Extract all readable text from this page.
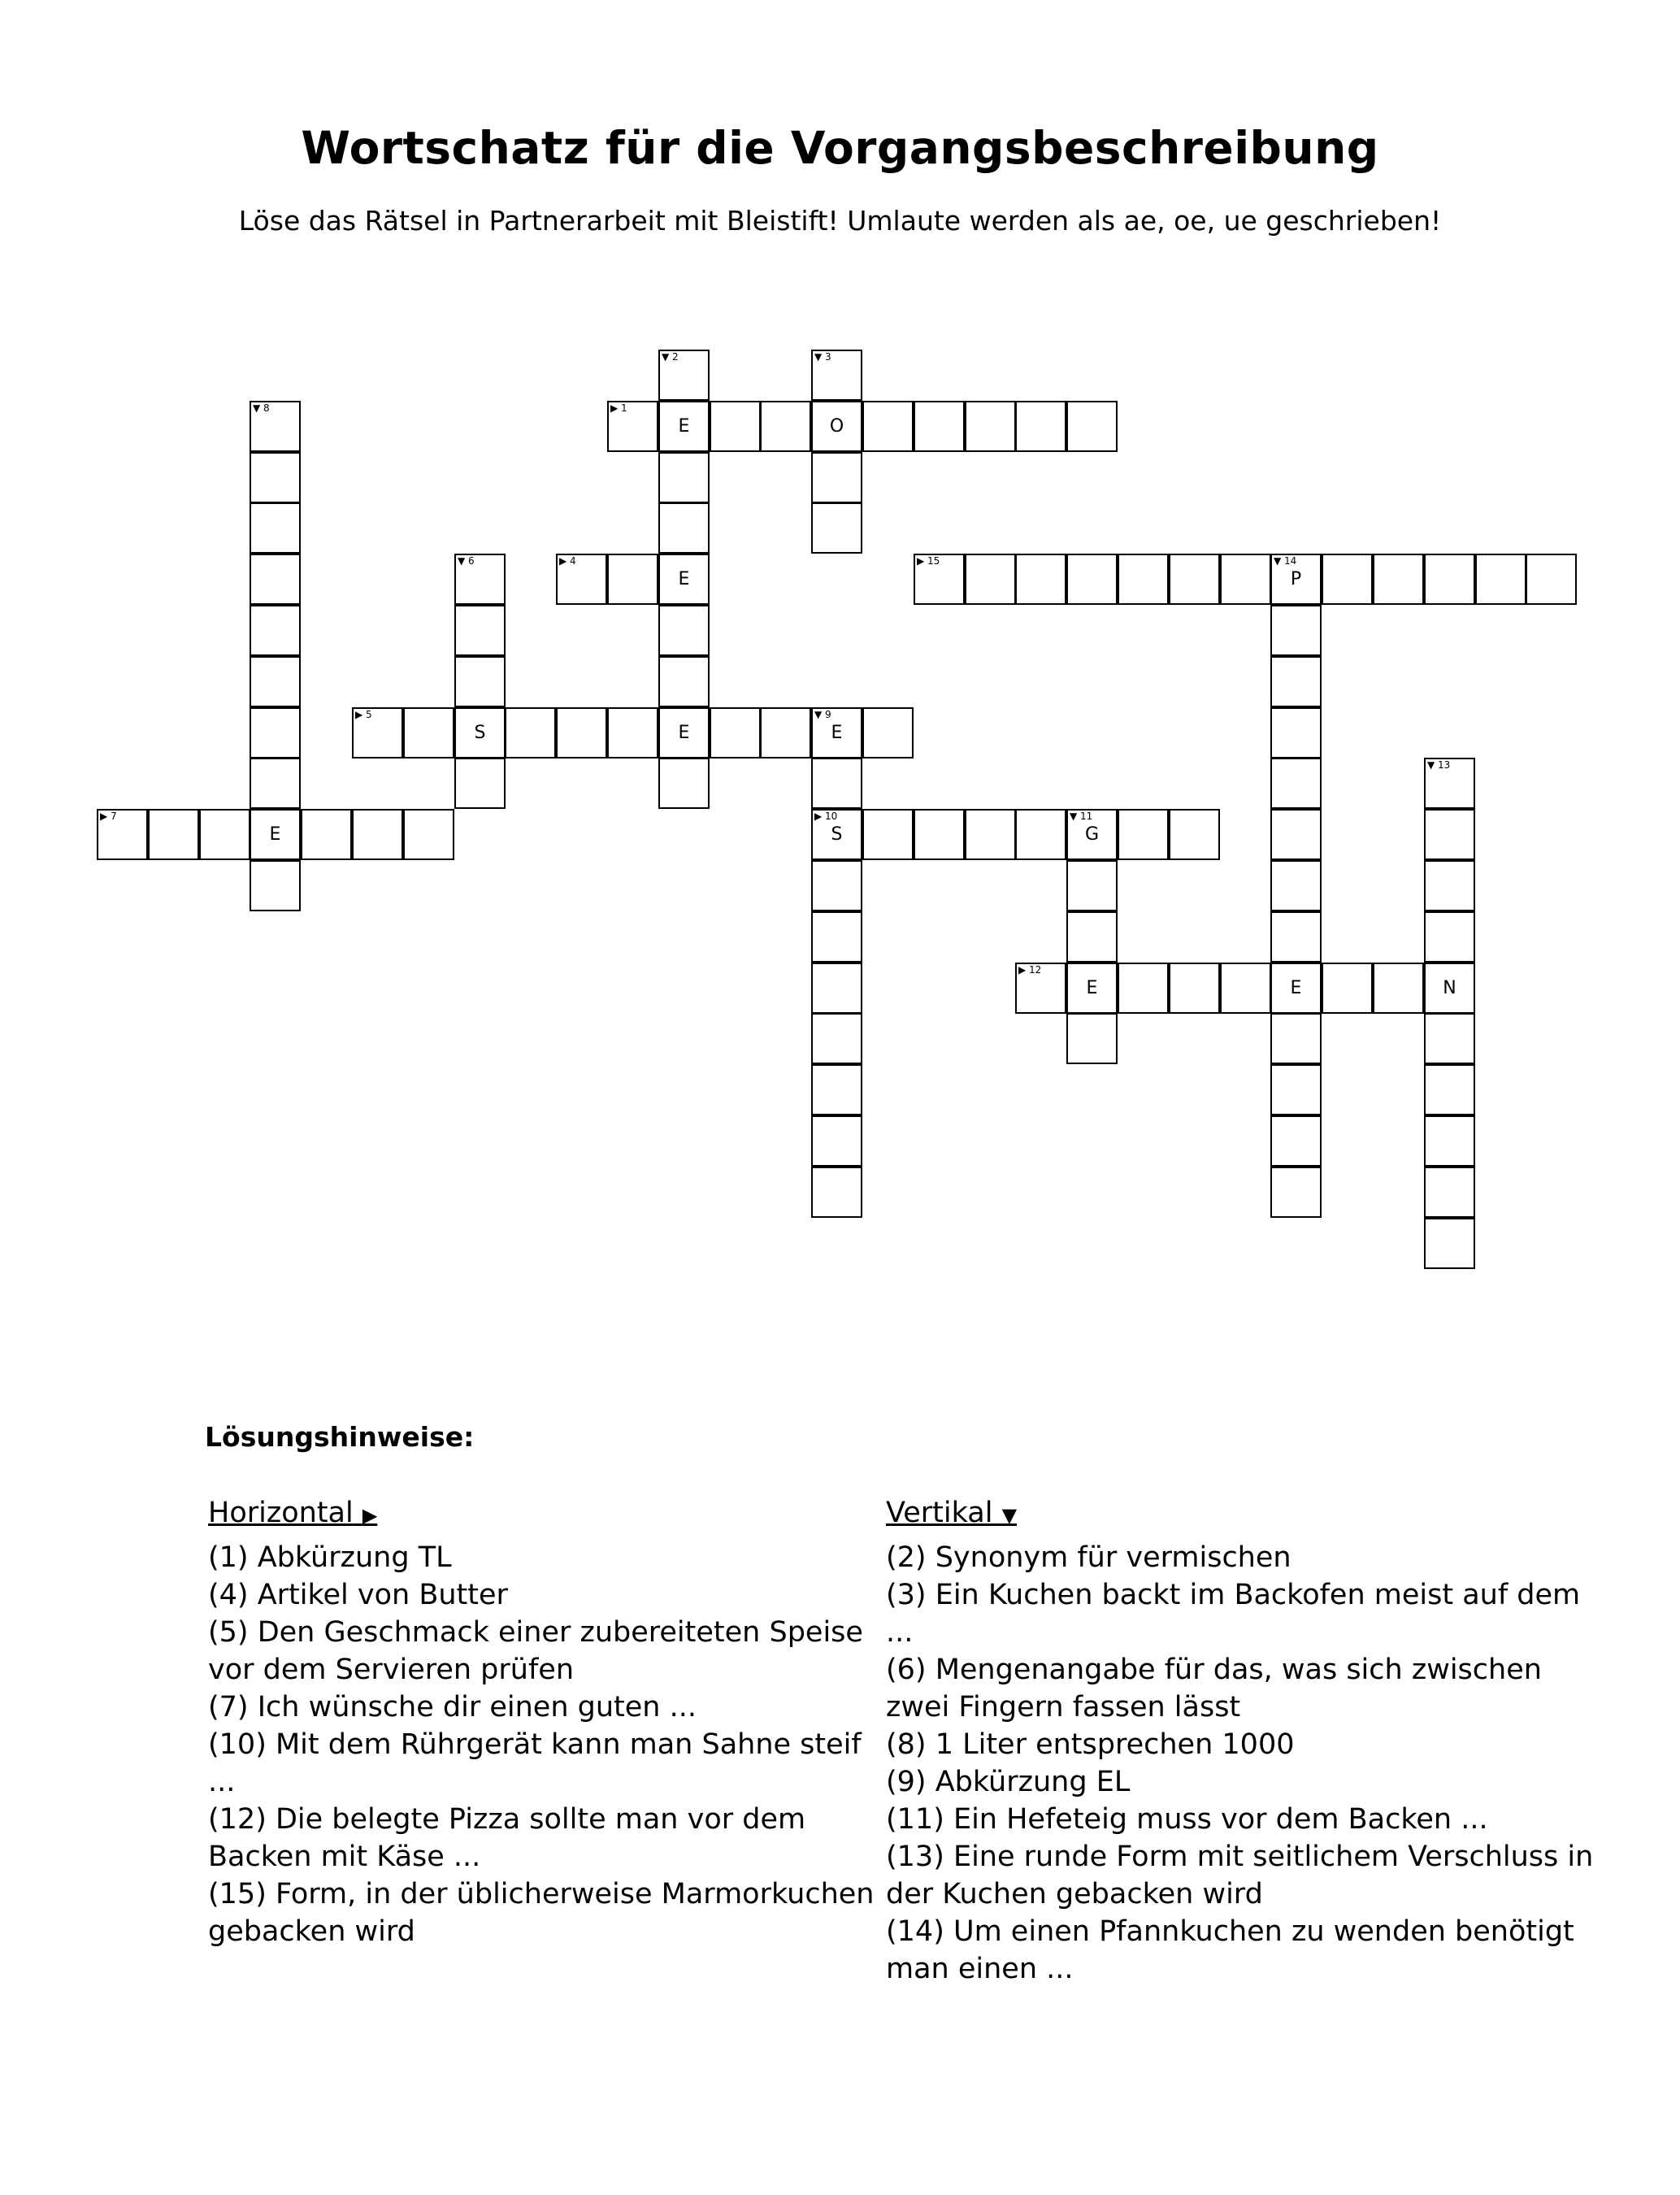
Wortschatz für die Vorgangsbeschreibung
Löse das Rätsel in Partnerarbeit mit Bleistift! Umlaute werden als ae, oe, ue geschrieben!
▶ 1
E	O
▼ 2
E
E
▼ 3
▶ 4
▶ 5
S
▼ 9
E
▼ 6
▶ 7
E
▼ 8
▶ 10
S
▼ 11
G
E
▶ 12
E	N
▼ 13
▼ 14
P
▶ 15
Lösungshinweise:
Horizontal ▶

(1) Abkürzung TL

(4) Artikel von Butter

(5) Den Geschmack einer zubereiteten Speise vor dem Servieren prüfen

(7) Ich wünsche dir einen guten ...

(10) Mit dem Rührgerät kann man Sahne steif ...

(12) Die belegte Pizza sollte man vor dem Backen mit Käse ...

(15) Form, in der üblicherweise Marmorkuchen gebacken wird

Vertikal ▼

(2) Synonym für vermischen

(3) Ein Kuchen backt im Backofen meist auf dem ...

(6) Mengenangabe für das, was sich zwischen zwei Fingern fassen lässt

(8) 1 Liter entsprechen 1000

(9) Abkürzung EL

(11) Ein Hefeteig muss vor dem Backen ...

(13) Eine runde Form mit seitlichem Verschluss in der Kuchen gebacken wird

(14) Um einen Pfannkuchen zu wenden benötigt man einen ...
